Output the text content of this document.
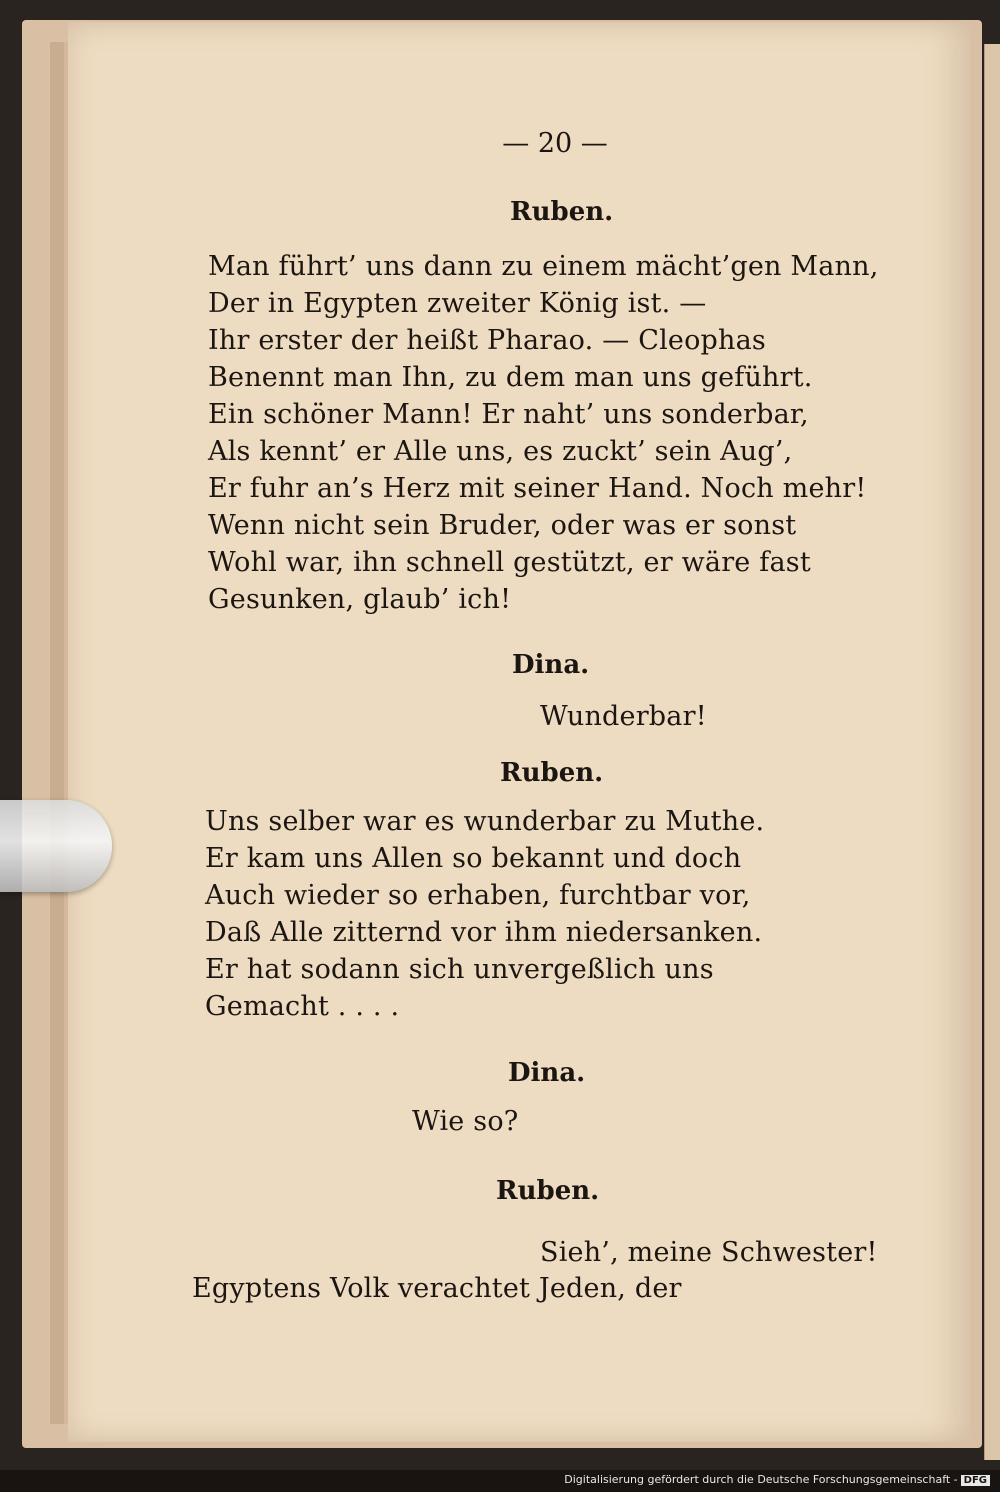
— 20 —
Ruben.
Man führt’ uns dann zu einem mächt’gen Mann,
Der in Egypten zweiter König ist. —
Ihr erster der heißt Pharao. — Cleophas
Benennt man Ihn, zu dem man uns geführt.
Ein schöner Mann! Er naht’ uns sonderbar,
Als kennt’ er Alle uns, es zuckt’ sein Aug’,
Er fuhr an’s Herz mit seiner Hand. Noch mehr!
Wenn nicht sein Bruder, oder was er sonst
Wohl war, ihn schnell gestützt, er wäre fast
Gesunken, glaub’ ich!
Dina.
Wunderbar!
Ruben.
Uns selber war es wunderbar zu Muthe.
Er kam uns Allen so bekannt und doch
Auch wieder so erhaben, furchtbar vor,
Daß Alle zitternd vor ihm niedersanken.
Er hat sodann sich unvergeßlich uns
Gemacht . . . .
Dina.
Wie so?
Ruben.
Sieh’, meine Schwester!
Egyptens Volk verachtet Jeden, der
Digitalisierung gefördert durch die Deutsche Forschungsgemeinschaft - DFG
